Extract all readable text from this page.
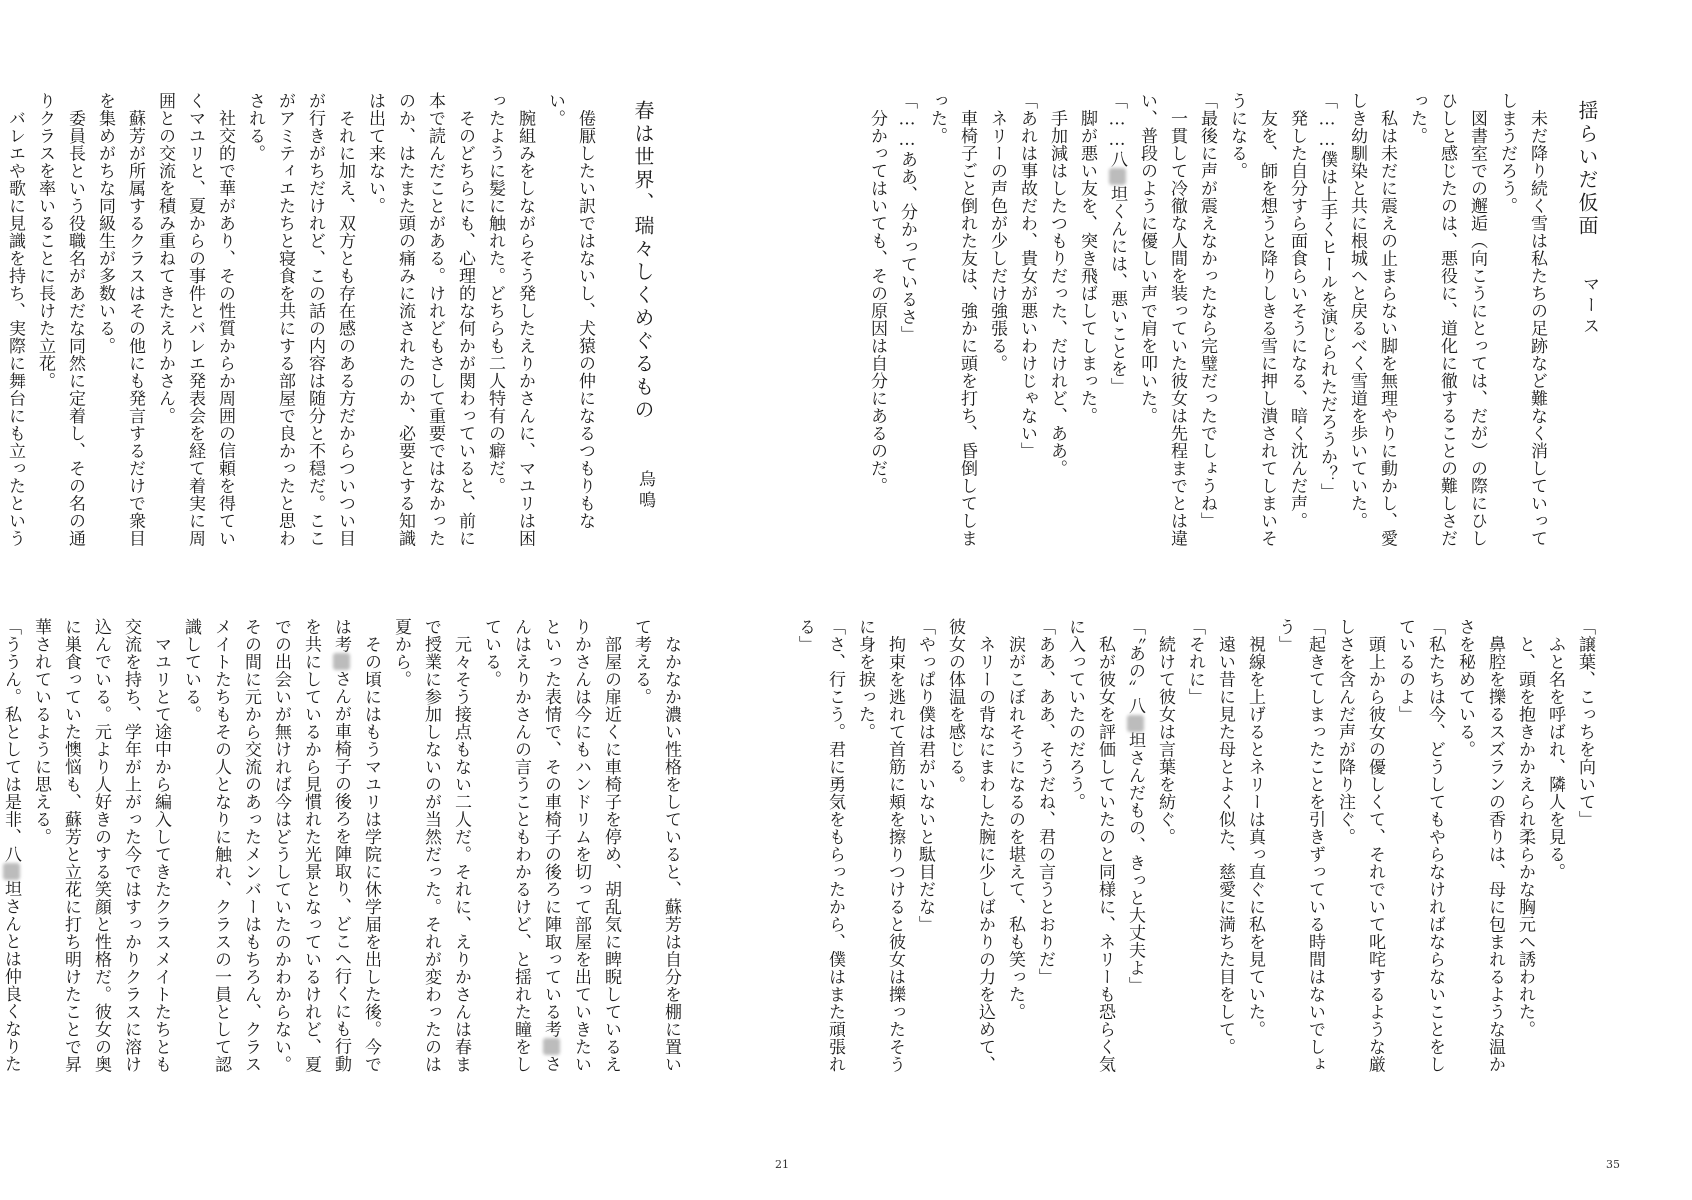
春は世界、瑞々しくめぐるもの
烏鳴

　倦厭したい訳ではないし、犬猿の仲になるつもりもない。

　腕組みをしながらそう発したえりかさんに、マユリは困ったように髪に触れた。どちらも二人特有の癖だ。

　そのどちらにも、心理的な何かが関わっていると、前に本で読んだことがある。けれどもさして重要ではなかったのか、はたまた頭の痛みに流されたのか、必要とする知識は出て来ない。

　それに加え、双方とも存在感のある方だからついつい目が行きがちだけれど、この話の内容は随分と不穏だ。ここがアミティエたちと寝食を共にする部屋で良かったと思わされる。

　社交的で華があり、その性質からか周囲の信頼を得ていくマユリと、夏からの事件とバレエ発表会を経て着実に周囲との交流を積み重ねてきたえりかさん。

　蘇芳が所属するクラスはその他にも発言するだけで衆目を集めがちな同級生が多数いる。

　委員長という役職名があだな同然に定着し、その名の通りクラスを率いることに長けた立花。

　バレエや歌に見識を持ち、実際に舞台にも立ったという

　なかなか濃い性格をしていると、蘇芳は自分を棚に置いて考える。

　部屋の扉近くに車椅子を停め、胡乱気に睥睨しているえりかさんは今にもハンドリムを切って部屋を出ていきたいといった表情で、その車椅子の後ろに陣取っている考さんはえりかさんの言うこともわかるけど、と揺れた瞳をしている。

　元々そう接点もない二人だ。それに、えりかさんは春まで授業に参加しないのが当然だった。それが変わったのは夏から。

　その頃にはもうマユリは学院に休学届を出した後。今では考さんが車椅子の後ろを陣取り、どこへ行くにも行動を共にしているから見慣れた光景となっているけれど、夏での出会いが無ければ今はどうしていたのかわからない。その間に元から交流のあったメンバーはもちろん、クラスメイトたちもその人となりに触れ、クラスの一員として認識している。

　マユリとて途中から編入してきたクラスメイトたちとも交流を持ち、学年が上がった今ではすっかりクラスに溶け込んでいる。元より人好きのする笑顔と性格だ。彼女の奥に巣食っていた懊悩も、蘇芳と立花に打ち明けたことで昇華されているように思える。

「ううん。私としては是非、八坦さんとは仲良くなりた

21
揺らいだ仮面
マース

　未だ降り続く雪は私たちの足跡など難なく消していってしまうだろう。

　図書室での邂逅（向こうにとっては、だが）の際にひしひしと感じたのは、悪役に、道化に徹することの難しさだった。

　私は未だに震えの止まらない脚を無理やりに動かし、愛しき幼馴染と共に根城へと戻るべく雪道を歩いていた。

「……僕は上手くヒールを演じられただろうか？」

　発した自分すら面食らいそうになる、暗く沈んだ声。

　友を、師を想うと降りしきる雪に押し潰されてしまいそうになる。

「最後に声が震えなかったなら完璧だったでしょうね」

　一貫して冷徹な人間を装っていた彼女は先程までとは違い、普段のように優しい声で肩を叩いた。

「……八坦くんには、悪いことを」

　脚が悪い友を、突き飛ばしてしまった。

　手加減はしたつもりだった、だけれど、ああ。

「あれは事故だわ、貴女が悪いわけじゃない」

　ネリーの声色が少しだけ強張る。

　車椅子ごと倒れた友は、強かに頭を打ち、昏倒してしまった。

「……ああ、分かっているさ」

　分かってはいても、その原因は自分にあるのだ。

「譲葉、こっちを向いて」

　ふと名を呼ばれ、隣人を見る。

　と、頭を抱きかかえられ柔らかな胸元へ誘われた。

　鼻腔を擽るスズランの香りは、母に包まれるような温かさを秘めている。

「私たちは今、どうしてもやらなければならないことをしているのよ」

　頭上から彼女の優しくて、それでいて叱咤するような厳しさを含んだ声が降り注ぐ。

「起きてしまったことを引きずっている時間はないでしょう」

　視線を上げるとネリーは真っ直ぐに私を見ていた。

　遠い昔に見た母とよく似た、慈愛に満ちた目をして。

「それに」

　続けて彼女は言葉を紡ぐ。

「〝あの〟八坦さんだもの、きっと大丈夫よ」

　私が彼女を評価していたのと同様に、ネリーも恐らく気に入っていたのだろう。

「ああ、ああ、そうだね、君の言うとおりだ」

　涙がこぼれそうになるのを堪えて、私も笑った。

　ネリーの背なにまわした腕に少しばかりの力を込めて、彼女の体温を感じる。

「やっぱり僕は君がいないと駄目だな」

　拘束を逃れて首筋に頬を擦りつけると彼女は擽ったそうに身を捩った。

「さ、行こう。君に勇気をもらったから、僕はまた頑張れる」

35
